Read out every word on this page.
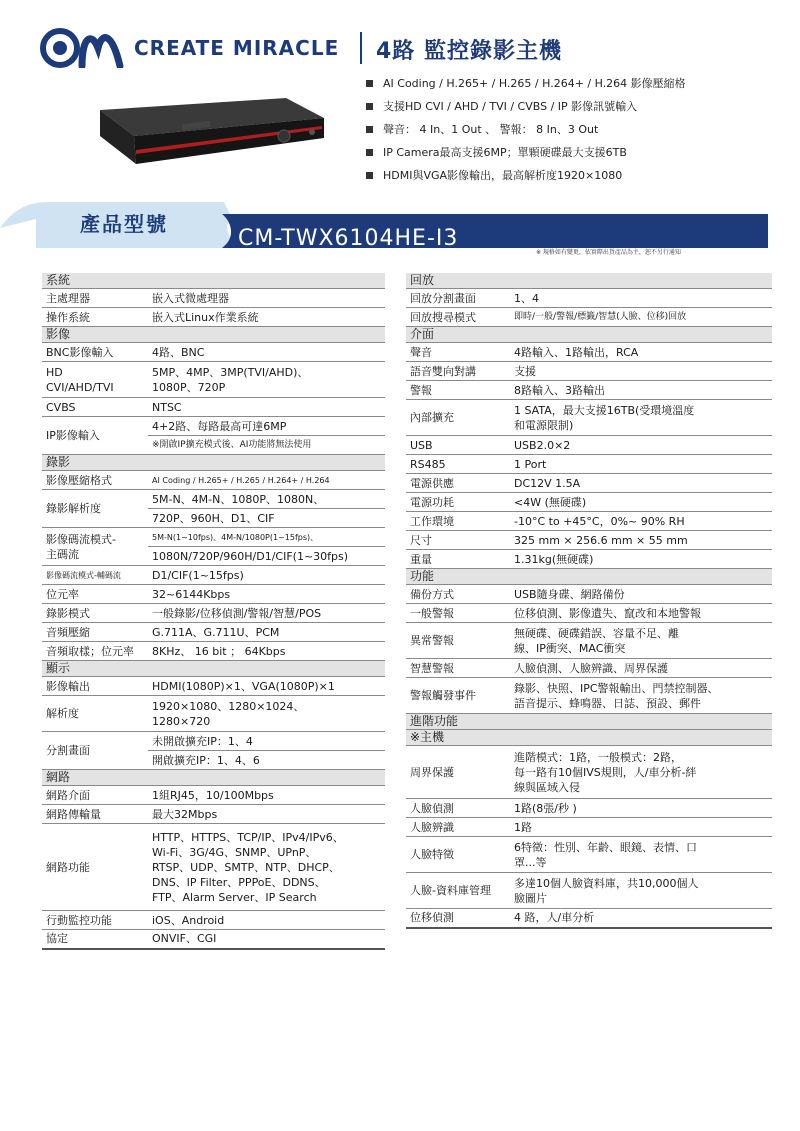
CREATE MIRACLE 4路 監控錄影主機
AI Coding / H.265+ / H.265 / H.264+ / H.264 影像壓縮格
支援HD CVI / AHD / TVI / CVBS / IP 影像訊號輸入
聲音： 4 In、1 Out 、 警報： 8 In、3 Out
IP Camera最高支援6MP；單顆硬碟最大支援6TB
HDMI與VGA影像輸出，最高解析度1920×1080
產品型號
CM-TWX6104HE-I3
※ 規格如有變更，依實際出貨產品為主，恕不另行通知
系統	
主處理器	嵌入式微處理器
操作系統	嵌入式Linux作業系統
影像	
BNC影像輸入	4路、BNC
HD
CVI/AHD/TVI	5MP、4MP、3MP(TVI/AHD)、
1080P、720P
CVBS	NTSC
IP影像輸入	4+2路、每路最高可達6MP
	※開啟IP擴充模式後、AI功能將無法使用
錄影	
影像壓縮格式	AI Coding / H.265+ / H.265 / H.264+ / H.264
錄影解析度	5M-N、4M-N、1080P、1080N、
	720P、960H、D1、CIF
影像碼流模式-
主碼流	5M-N(1~10fps)、4M-N/1080P(1~15fps)、
	1080N/720P/960H/D1/CIF(1~30fps)
影像碼流模式-輔碼流	D1/CIF(1~15fps)
位元率	32~6144Kbps
錄影模式	一般錄影/位移偵測/警報/智慧/POS
音頻壓縮	G.711A、G.711U、PCM
音頻取樣；位元率	8KHz、 16 bit ； 64Kbps
顯示	
影像輸出	HDMI(1080P)×1、VGA(1080P)×1
解析度	1920×1080、1280×1024、
1280×720
分割畫面	未開啟擴充IP：1、4
	開啟擴充IP：1、4、6
網路	
網路介面	1組RJ45，10/100Mbps
網路傳輸量	最大32Mbps
網路功能	HTTP、HTTPS、TCP/IP、IPv4/IPv6、
Wi-Fi、3G/4G、SNMP、UPnP、
RTSP、UDP、SMTP、NTP、DHCP、
DNS、IP Filter、PPPoE、DDNS、
FTP、Alarm Server、IP Search
行動監控功能	iOS、Android
協定	ONVIF、CGI
回放	
回放分割畫面	1、4
回放搜尋模式	即時/一般/警報/標籤/智慧(人臉、位移)回放
介面	
聲音	4路輸入、1路輸出，RCA
語音雙向對講	支援
警報	8路輸入、3路輸出
內部擴充	1 SATA，最大支援16TB(受環境溫度
和電源限制)
USB	USB2.0×2
RS485	1 Port
電源供應	DC12V 1.5A
電源功耗	<4W (無硬碟)
工作環境	-10°C to +45°C，0%~ 90% RH
尺寸	325 mm × 256.6 mm × 55 mm
重量	1.31kg(無硬碟)
功能	
備份方式	USB隨身碟、網路備份
一般警報	位移偵測、影像遺失、竄改和本地警報
異常警報	無硬碟、硬碟錯誤、容量不足、離
線、IP衝突、MAC衝突
智慧警報	人臉偵測、人臉辨識、周界保護
警報觸發事件	錄影、快照、IPC警報輸出、門禁控制器、
語音提示、蜂鳴器、日誌、預設、郵件
進階功能	
※主機	
周界保護	進階模式：1路，一般模式：2路，
每一路有10個IVS規則，人/車分析-絆
線與區域入侵
人臉偵測	1路(8張/秒 )
人臉辨識	1路
人臉特徵	6特徵：性別、年齡、眼鏡、表情、口
罩...等
人臉-資料庫管理	多達10個人臉資料庫，共10,000個人
臉圖片
位移偵測	4 路，人/車分析
